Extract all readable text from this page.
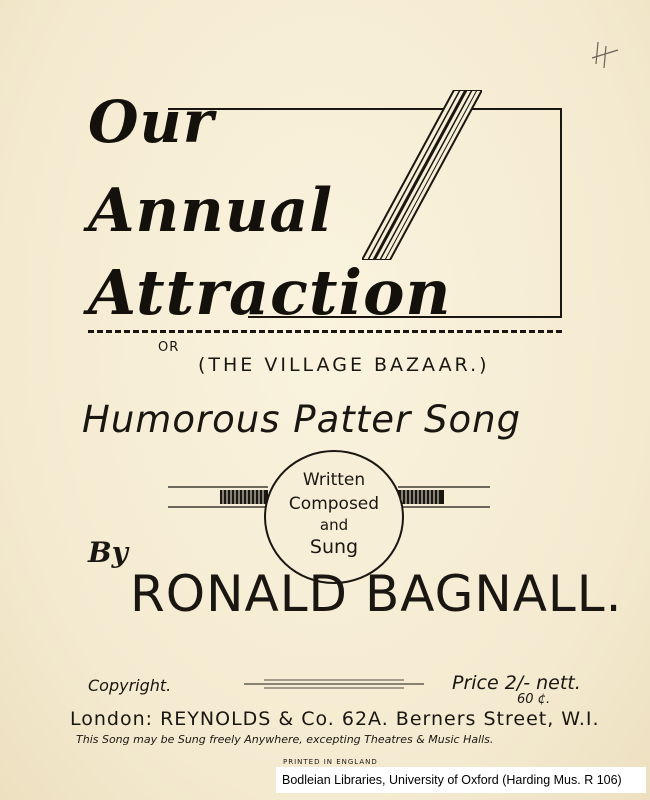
Our
Annual
Attraction
OR
(THE VILLAGE BAZAAR.)
Humorous Patter Song
Written
Composed
and
Sung
By
RONALD BAGNALL.
Copyright.	Price 2/- nett.
60 ¢.
London: REYNOLDS & Co. 62A. Berners Street, W.I.
This Song may be Sung freely Anywhere, excepting Theatres & Music Halls.
PRINTED IN ENGLAND
Bodleian Libraries, University of Oxford (Harding Mus. R 106)
